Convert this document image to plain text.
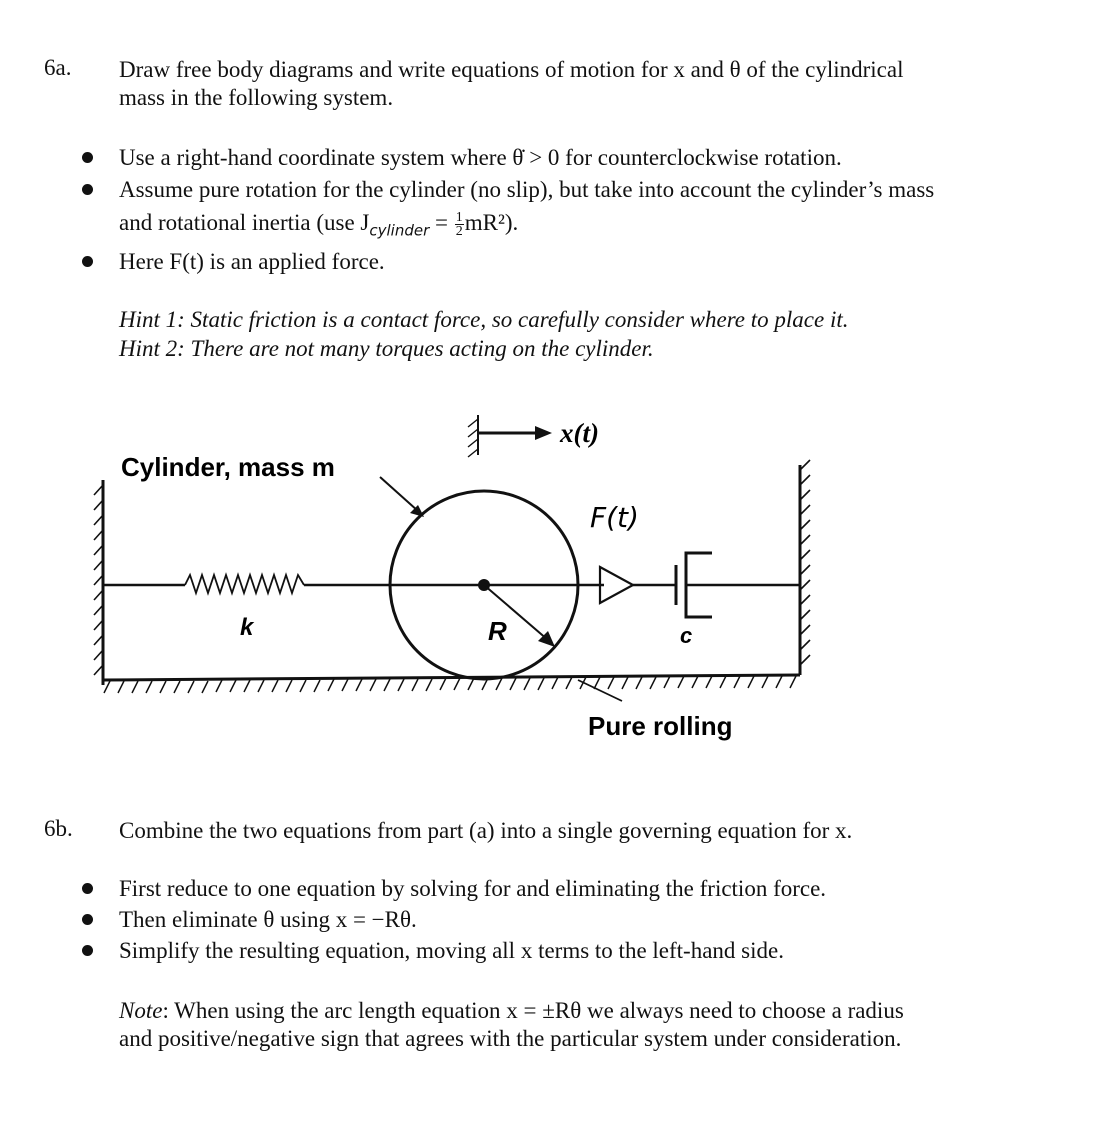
6a. Draw free body diagrams and write equations of motion for x and θ of the cylindrical
mass in the following system.
Use a right-hand coordinate system where θ̇ > 0 for counterclockwise rotation.
Assume pure rotation for the cylinder (no slip), but take into account the cylinder’s mass
and rotational inertia (use $J_{cylinder} = \frac{1}{2} mR^2$).
Here F(t) is an applied force.
Hint 1: Static friction is a contact force, so carefully consider where to place it.
Hint 2: There are not many torques acting on the cylinder.
x(t)
Cylinder, mass m
F(t)
k	R	c
Pure rolling
6b. Combine the two equations from part (a) into a single governing equation for x.
First reduce to one equation by solving for and eliminating the friction force.
Then eliminate θ using x = −Rθ.
Simplify the resulting equation, moving all x terms to the left-hand side.
Note: When using the arc length equation x = ±Rθ we always need to choose a radius
and positive/negative sign that agrees with the particular system under consideration.
